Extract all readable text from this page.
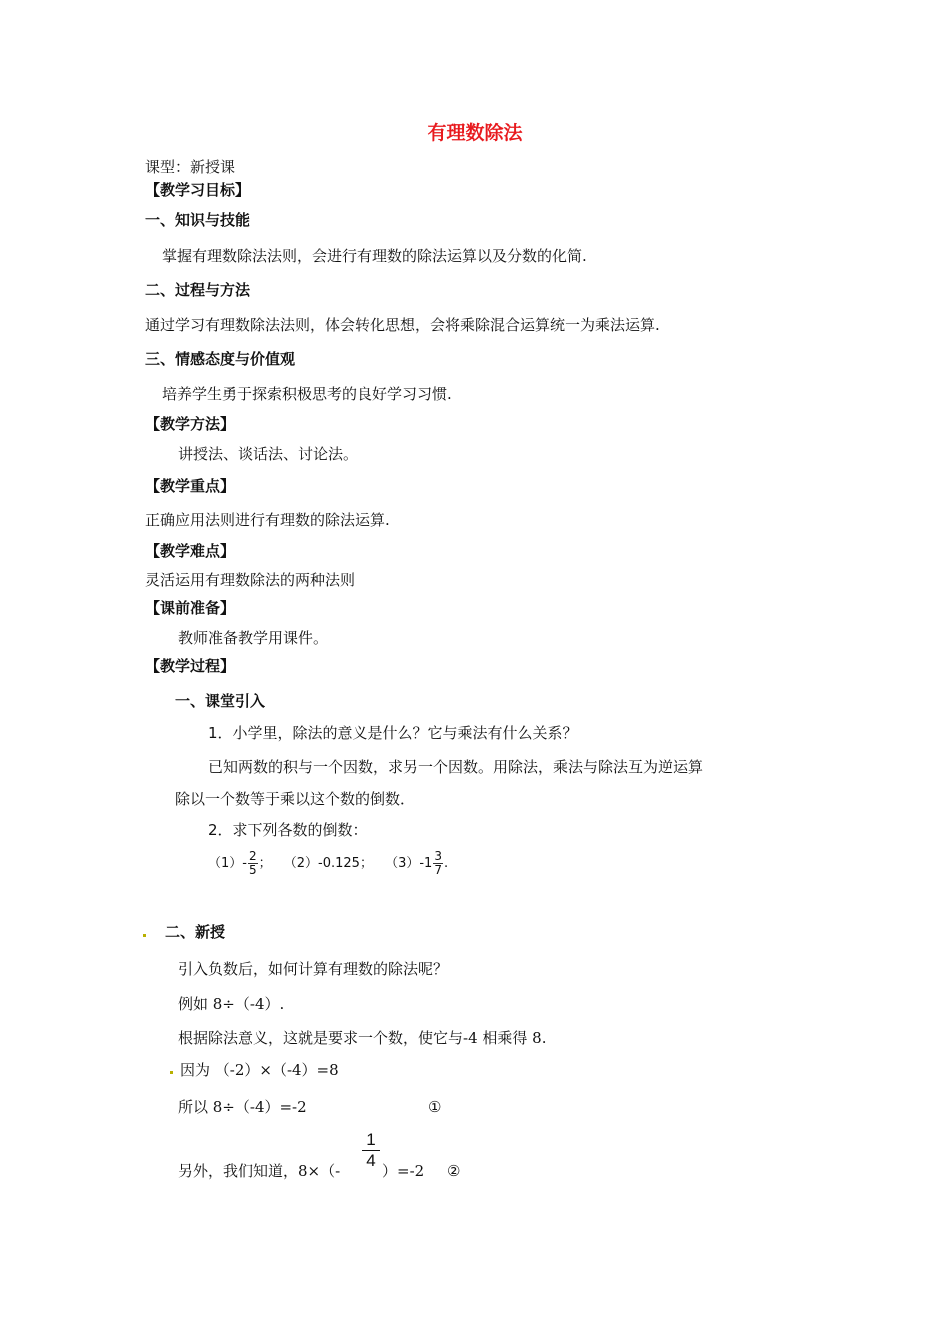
有理数除法
课型：新授课
【教学习目标】
一、知识与技能
掌握有理数除法法则，会进行有理数的除法运算以及分数的化简.
二、过程与方法
通过学习有理数除法法则，体会转化思想，会将乘除混合运算统一为乘法运算.
三、情感态度与价值观
培养学生勇于探索积极思考的良好学习习惯.
【教学方法】
讲授法、谈话法、讨论法。
【教学重点】
正确应用法则进行有理数的除法运算.
【教学难点】
灵活运用有理数除法的两种法则
【课前准备】
教师准备教学用课件。
【教学过程】
一、课堂引入
1．小学里，除法的意义是什么？它与乘法有什么关系？
已知两数的积与一个因数，求另一个因数。用除法，乘法与除法互为逆运算
除以一个数等于乘以这个数的倒数．
2．求下列各数的倒数：
$(1)- \frac{2}{5}$ ； （2）-0.125； $(3)-1 \frac{3}{7}$ .
二、新授
引入负数后，如何计算有理数的除法呢？
例如 8÷（-4）.
根据除法意义，这就是要求一个数，使它与-4 相乘得 8.
因为 （-2）×（-4）=8
所以 8÷（-4）=-2	①
$\frac{1}{4}$
另外，我们知道，8×（-	）=-2 ②
